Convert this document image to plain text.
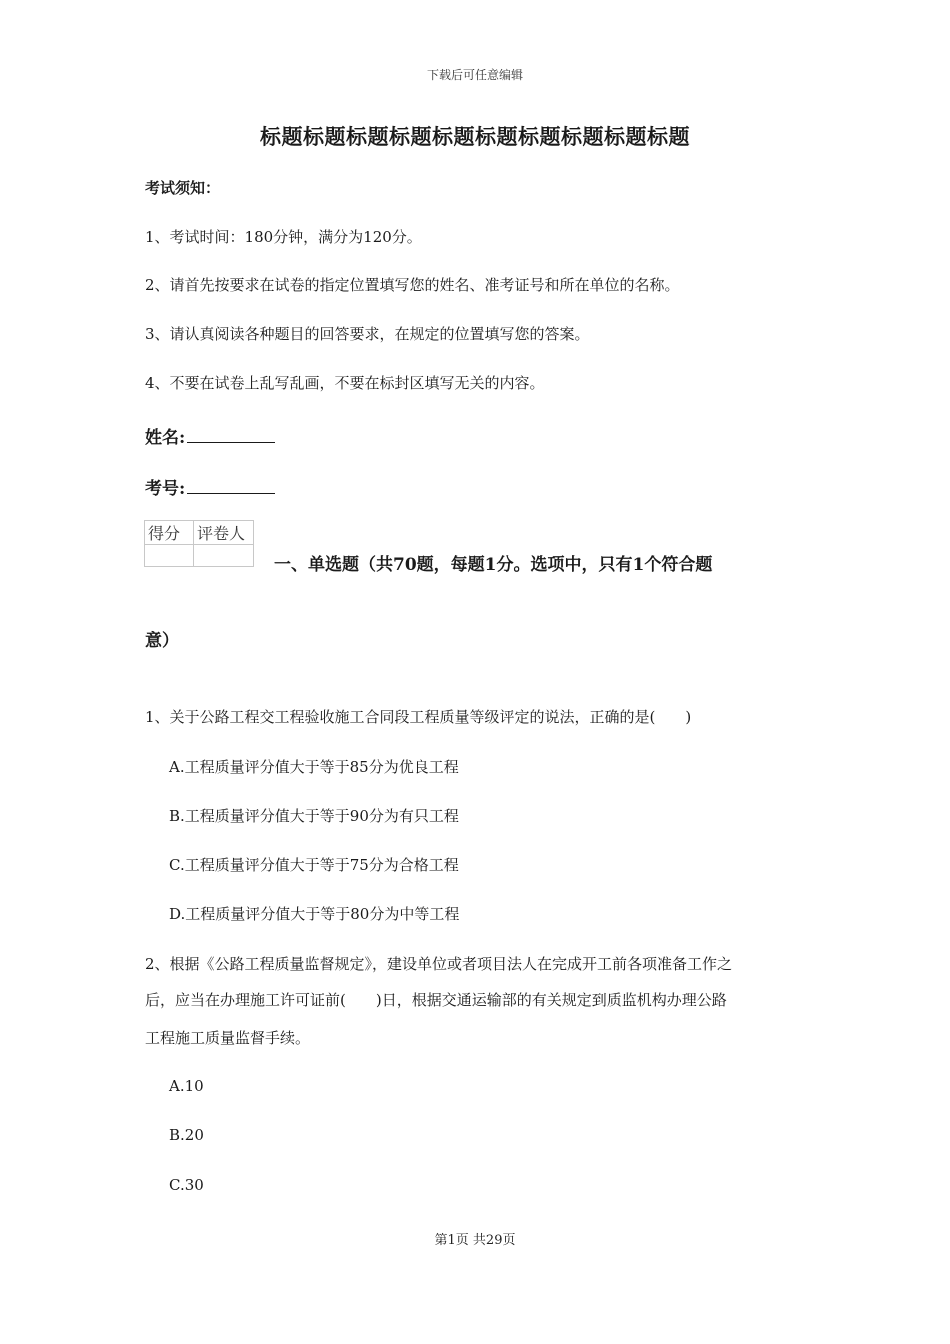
下载后可任意编辑
标题标题标题标题标题标题标题标题标题标题
考试须知：
1、考试时间：180分钟，满分为120分。
2、请首先按要求在试卷的指定位置填写您的姓名、准考证号和所在单位的名称。
3、请认真阅读各种题目的回答要求，在规定的位置填写您的答案。
4、不要在试卷上乱写乱画，不要在标封区填写无关的内容。
姓名:
考号:
得分	评卷人

一、单选题（共70题，每题1分。选项中，只有1个符合题
意）
1、关于公路工程交工程验收施工合同段工程质量等级评定的说法，正确的是(　　)
A.工程质量评分值大于等于85分为优良工程
B.工程质量评分值大于等于90分为有只工程
C.工程质量评分值大于等于75分为合格工程
D.工程质量评分值大于等于80分为中等工程
2、根据《公路工程质量监督规定》，建设单位或者项目法人在完成开工前各项准备工作之
后，应当在办理施工许可证前(　　)日，根据交通运输部的有关规定到质监机构办理公路
工程施工质量监督手续。
A.10
B.20
C.30
第1页 共29页
